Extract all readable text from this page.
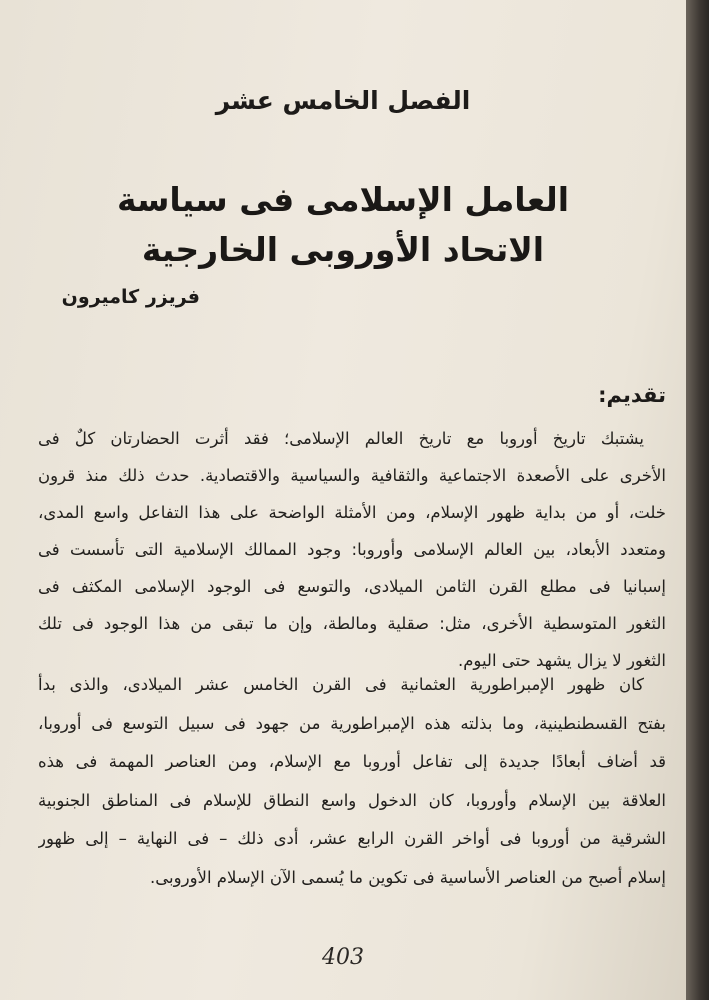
الفصل الخامس عشر
العامل الإسلامى فى سياسة
الاتحاد الأوروبى الخارجية
فريزر كاميرون
تقديم:
يشتبك تاريخ أوروبا مع تاريخ العالم الإسلامى؛ فقد أثرت الحضارتان كلٌ فى
الأخرى على الأصعدة الاجتماعية والثقافية والسياسية والاقتصادية. حدث ذلك منذ قرون
خلت، أو من بداية ظهور الإسلام، ومن الأمثلة الواضحة على هذا التفاعل واسع المدى،
ومتعدد الأبعاد، بين العالم الإسلامى وأوروبا: وجود الممالك الإسلامية التى تأسست فى
إسبانيا فى مطلع القرن الثامن الميلادى، والتوسع فى الوجود الإسلامى المكثف فى
الثغور المتوسطية الأخرى، مثل: صقلية ومالطة، وإن ما تبقى من هذا الوجود فى تلك
الثغور لا يزال يشهد حتى اليوم.
كان ظهور الإمبراطورية العثمانية فى القرن الخامس عشر الميلادى، والذى بدأ
بفتح القسطنطينية، وما بذلته هذه الإمبراطورية من جهود فى سبيل التوسع فى أوروبا،
قد أضاف أبعادًا جديدة إلى تفاعل أوروبا مع الإسلام، ومن العناصر المهمة فى هذه
العلاقة بين الإسلام وأوروبا، كان الدخول واسع النطاق للإسلام فى المناطق الجنوبية
الشرقية من أوروبا فى أواخر القرن الرابع عشر، أدى ذلك – فى النهاية – إلى ظهور
إسلام أصبح من العناصر الأساسية فى تكوين ما يُسمى الآن الإسلام الأوروبى.
403
